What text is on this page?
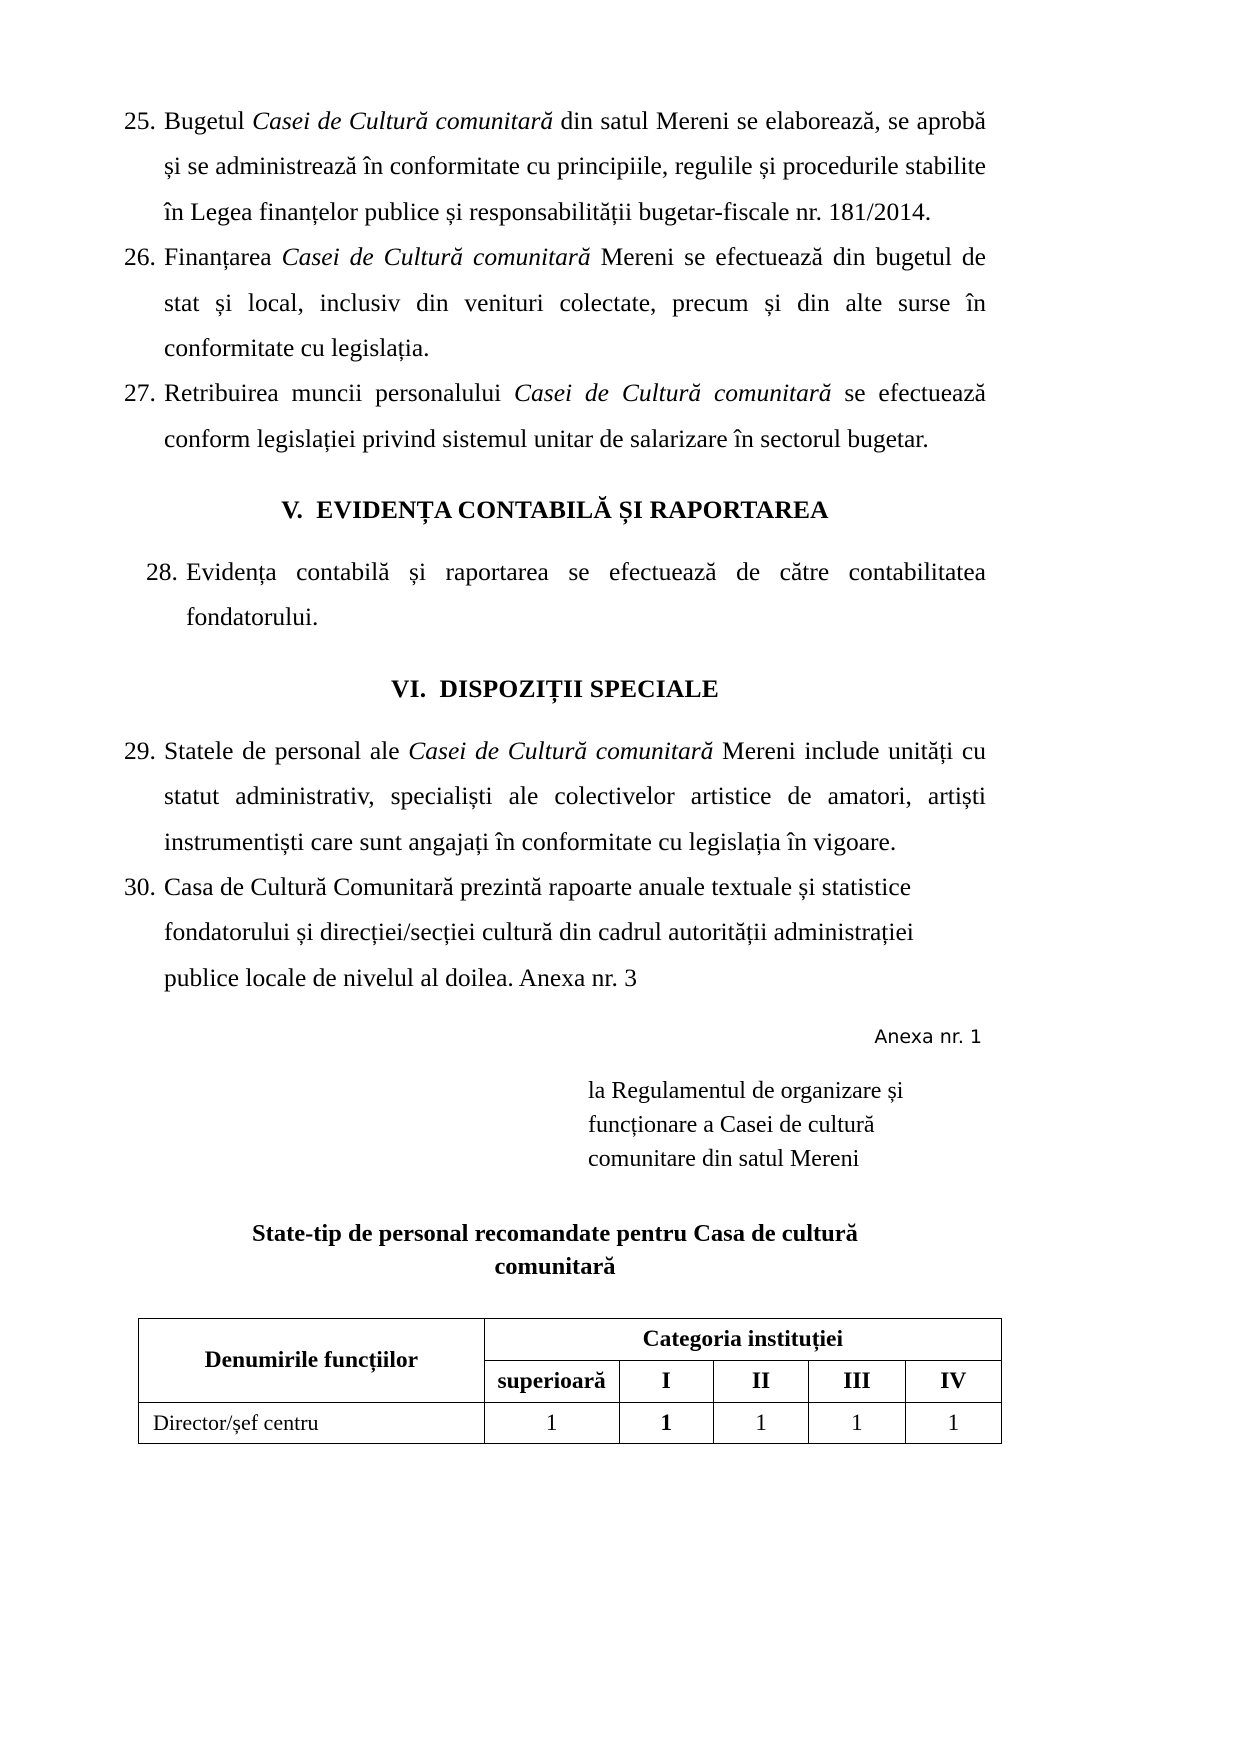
25. Bugetul Casei de Cultură comunitară din satul Mereni se elaborează, se aprobă și se administrează în conformitate cu principiile, regulile și procedurile stabilite în Legea finanțelor publice și responsabilității bugetar-fiscale nr. 181/2014.

26. Finanțarea Casei de Cultură comunitară Mereni se efectuează din bugetul de stat și local, inclusiv din venituri colectate, precum și din alte surse în conformitate cu legislația.

27. Retribuirea muncii personalului Casei de Cultură comunitară se efectuează conform legislației privind sistemul unitar de salarizare în sectorul bugetar.

V. EVIDENȚA CONTABILĂ ȘI RAPORTAREA

28. Evidența contabilă și raportarea se efectuează de către contabilitatea fondatorului.

VI. DISPOZIȚII SPECIALE

29. Statele de personal ale Casei de Cultură comunitară Mereni include unități cu statut administrativ, specialiști ale colectivelor artistice de amatori, artiști instrumentiști care sunt angajați în conformitate cu legislația în vigoare.

30. Casa de Cultură Comunitară prezintă rapoarte anuale textuale și statistice fondatorului și direcției/secției cultură din cadrul autorității administrației publice locale de nivelul al doilea. Anexa nr. 3

Anexa nr. 1
la Regulamentul de organizare și
funcționare a Casei de cultură
comunitare din satul Mereni
State-tip de personal recomandate pentru Casa de cultură
comunitară
Denumirile funcțiilor	Categoria instituției				
	superioară	I	II	III	IV
Director/șef centru	1	1	1	1	1
